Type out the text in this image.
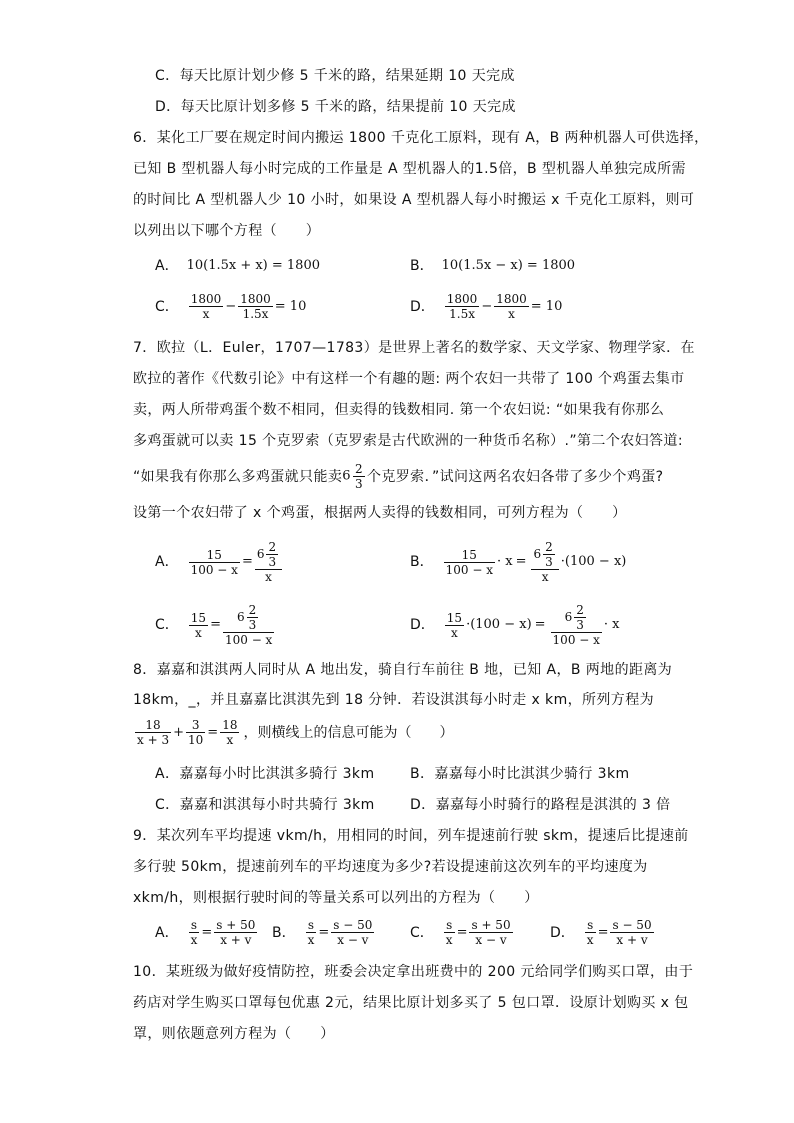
C．每天比原计划少修 5 千米的路，结果延期 10 天完成
D．每天比原计划多修 5 千米的路，结果提前 10 天完成
6．某化工厂要在规定时间内搬运 1800 千克化工原料，现有 A，B 两种机器人可供选择，
已知 B 型机器人每小时完成的工作量是 A 型机器人的1.5倍，B 型机器人单独完成所需
的时间比 A 型机器人少 10 小时，如果设 A 型机器人每小时搬运 x 千克化工原料，则可
以列出以下哪个方程（　　）
A． 10(1.5x + x) = 1800	B． 10(1.5x − x) = 1800
C． $\frac{1800}{x} - \frac{1800}{1.5x} = 10$	D． $\frac{1800}{1.5x} - \frac{1800}{x} = 10$
7．欧拉（L．Euler，1707—1783）是世界上著名的数学家、天文学家、物理学家．在
欧拉的著作《代数引论》中有这样一个有趣的题: 两个农妇一共带了 100 个鸡蛋去集市
卖，两人所带鸡蛋个数不相同，但卖得的钱数相同. 第一个农妇说: “如果我有你那么
多鸡蛋就可以卖 15 个克罗索（克罗索是古代欧洲的一种货币名称）.”第二个农妇答道:
“如果我有你那么多鸡蛋就只能卖 $6 \frac{2}{3}$ 个克罗索．”试问这两名农妇各带了多少个鸡蛋?
设第一个农妇带了 x 个鸡蛋，根据两人卖得的钱数相同，可列方程为（　　）
A． $\frac{15}{100 - x} = \frac{6 \frac{2}{3}}{x}$	B． $\frac{15}{100 - x} \cdot x = \frac{6 \frac{2}{3}}{x} \cdot(100 - x)$
C． $\frac{15}{x} = \frac{6 \frac{2}{3}}{100 - x}$	D． $\frac{15}{x} \cdot(100 - x) = \frac{6 \frac{2}{3}}{100 - x} \cdot x$
8．嘉嘉和淇淇两人同时从 A 地出发，骑自行车前往 B 地，已知 A，B 两地的距离为
18km，_，并且嘉嘉比淇淇先到 18 分钟．若设淇淇每小时走 x km，所列方程为
$\frac{18}{x + 3} + \frac{3}{10} = \frac{18}{x}$ ，则横线上的信息可能为（　　）
A．嘉嘉每小时比淇淇多骑行 3km	B．嘉嘉每小时比淇淇少骑行 3km
C．嘉嘉和淇淇每小时共骑行 3km	D．嘉嘉每小时骑行的路程是淇淇的 3 倍
9．某次列车平均提速 vkm/h，用相同的时间，列车提速前行驶 skm，提速后比提速前
多行驶 50km，提速前列车的平均速度为多少?若设提速前这次列车的平均速度为
xkm/h，则根据行驶时间的等量关系可以列出的方程为（　　）
A． $\frac{s}{x} = \frac{s + 50}{x + v}$ B． $\frac{s}{x} = \frac{s - 50}{x - v}$	C． $\frac{s}{x} = \frac{s + 50}{x - v}$	D． $\frac{s}{x} = \frac{s - 50}{x + v}$
10．某班级为做好疫情防控，班委会决定拿出班费中的 200 元给同学们购买口罩，由于
药店对学生购买口罩每包优惠 2元，结果比原计划多买了 5 包口罩．设原计划购买 x 包
罩，则依题意列方程为（　　）
